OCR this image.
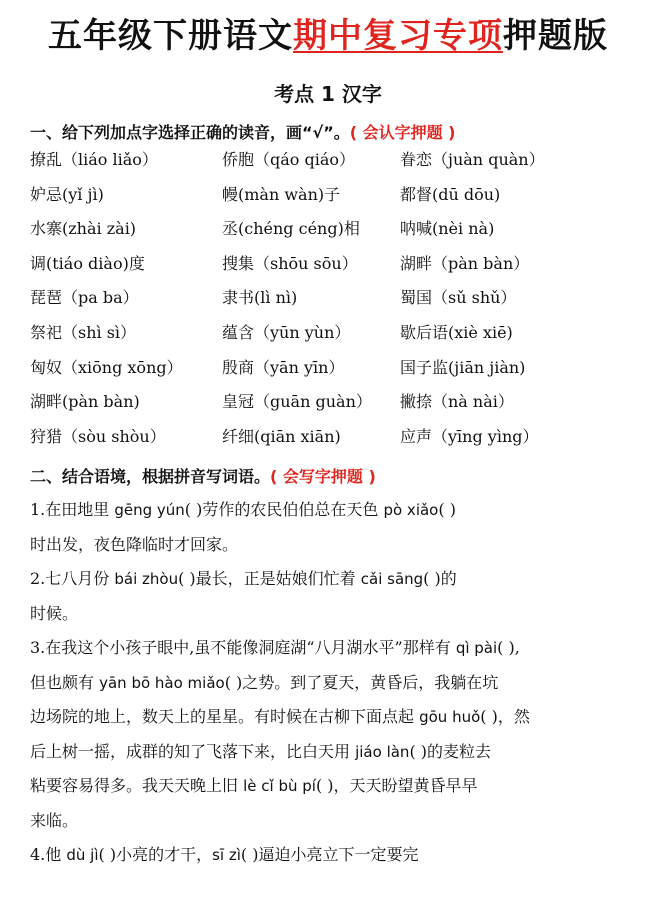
五年级下册语文期中复习专项押题版
考点 1 汉字
一、给下列加点字选择正确的读音，画“√”。( 会认字押题 )
撩乱（liáo liǎo）	侨胞（qáo qiáo）	眷恋（juàn quàn）
妒忌(yǐ jì)	幔(màn wàn)子	都督(dū dōu)
水寨(zhài zài)	丞(chéng céng)相	呐喊(nèi nà)
调(tiáo diào)度	搜集（shōu sōu）	湖畔（pàn bàn）
琵琶（pa ba）	隶书(lì nì)	蜀国（sǔ shǔ）
祭祀（shì sì）	蕴含（yūn yùn）	歇后语(xiè xiē)
匈奴（xiōng xōng） 殷商（yān yīn）	国子监(jiān jiàn)
湖畔(pàn bàn)	皇冠（guān guàn） 撇捺（nà nài）
狩猎（sòu shòu）	纤细(qiān xiān)	应声（yīng yìng）
二、结合语境，根据拼音写词语。( 会写字押题 )

1.在田地里 gēng yún( )劳作的农民伯伯总在天色 pò xiǎo( )

时出发，夜色降临时才回家。

2.七八月份 bái zhòu( )最长，正是姑娘们忙着 cǎi sāng( )的

时候。

3.在我这个小孩子眼中,虽不能像洞庭湖“八月湖水平”那样有 qì pài( ),

但也颇有 yān bō hào miǎo( )之势。到了夏天，黄昏后，我躺在坑

边场院的地上，数天上的星星。有时候在古柳下面点起 gōu huǒ( )，然

后上树一摇，成群的知了飞落下来，比白天用 jiáo làn( )的麦粒去

粘要容易得多。我天天晚上旧 lè cǐ bù pí( )，天天盼望黄昏早早

来临。

4.他 dù jì( )小亮的才干，sī zì( )逼迫小亮立下一定要完
